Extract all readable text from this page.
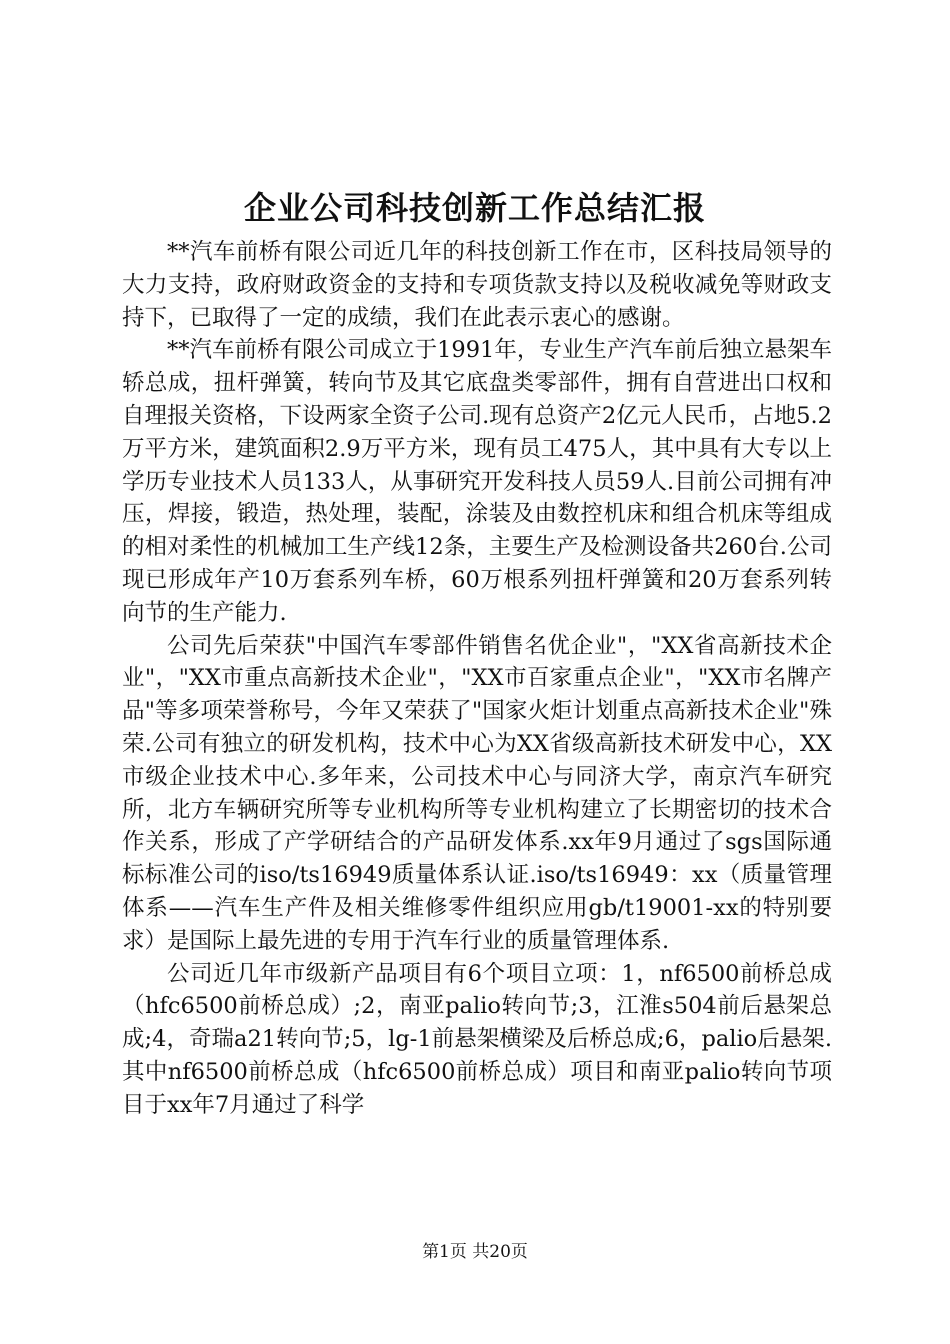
企业公司科技创新工作总结汇报

**汽车前桥有限公司近几年的科技创新工作在市，区科技局领导的大力支持，政府财政资金的支持和专项货款支持以及税收减免等财政支持下，已取得了一定的成绩，我们在此表示衷心的感谢。

**汽车前桥有限公司成立于1991年，专业生产汽车前后独立悬架车轿总成，扭杆弹簧，转向节及其它底盘类零部件，拥有自营进出口权和自理报关资格，下设两家全资子公司.现有总资产2亿元人民币，占地5.2万平方米，建筑面积2.9万平方米，现有员工475人，其中具有大专以上学历专业技术人员133人，从事研究开发科技人员59人.目前公司拥有冲压，焊接，锻造，热处理，装配，涂装及由数控机床和组合机床等组成的相对柔性的机械加工生产线12条，主要生产及检测设备共260台.公司现已形成年产10万套系列车桥，60万根系列扭杆弹簧和20万套系列转向节的生产能力.

公司先后荣获"中国汽车零部件销售名优企业"，"XX省高新技术企业"，"XX市重点高新技术企业"，"XX市百家重点企业"，"XX市名牌产品"等多项荣誉称号，今年又荣获了"国家火炬计划重点高新技术企业"殊荣.公司有独立的研发机构，技术中心为XX省级高新技术研发中心，XX市级企业技术中心.多年来，公司技术中心与同济大学，南京汽车研究所，北方车辆研究所等专业机构所等专业机构建立了长期密切的技术合作关系，形成了产学研结合的产品研发体系.xx年9月通过了sgs国际通标标准公司的iso/ts16949质量体系认证.iso/ts16949：xx（质量管理体系——汽车生产件及相关维修零件组织应用gb/t19001-xx的特别要求）是国际上最先进的专用于汽车行业的质量管理体系.

公司近几年市级新产品项目有6个项目立项：1，nf6500前桥总成（hfc6500前桥总成）;2，南亚palio转向节;3，江淮s504前后悬架总成;4，奇瑞a21转向节;5，lg-1前悬架横梁及后桥总成;6，palio后悬架.其中nf6500前桥总成（hfc6500前桥总成）项目和南亚palio转向节项目于xx年7月通过了科学

第1页 共20页
